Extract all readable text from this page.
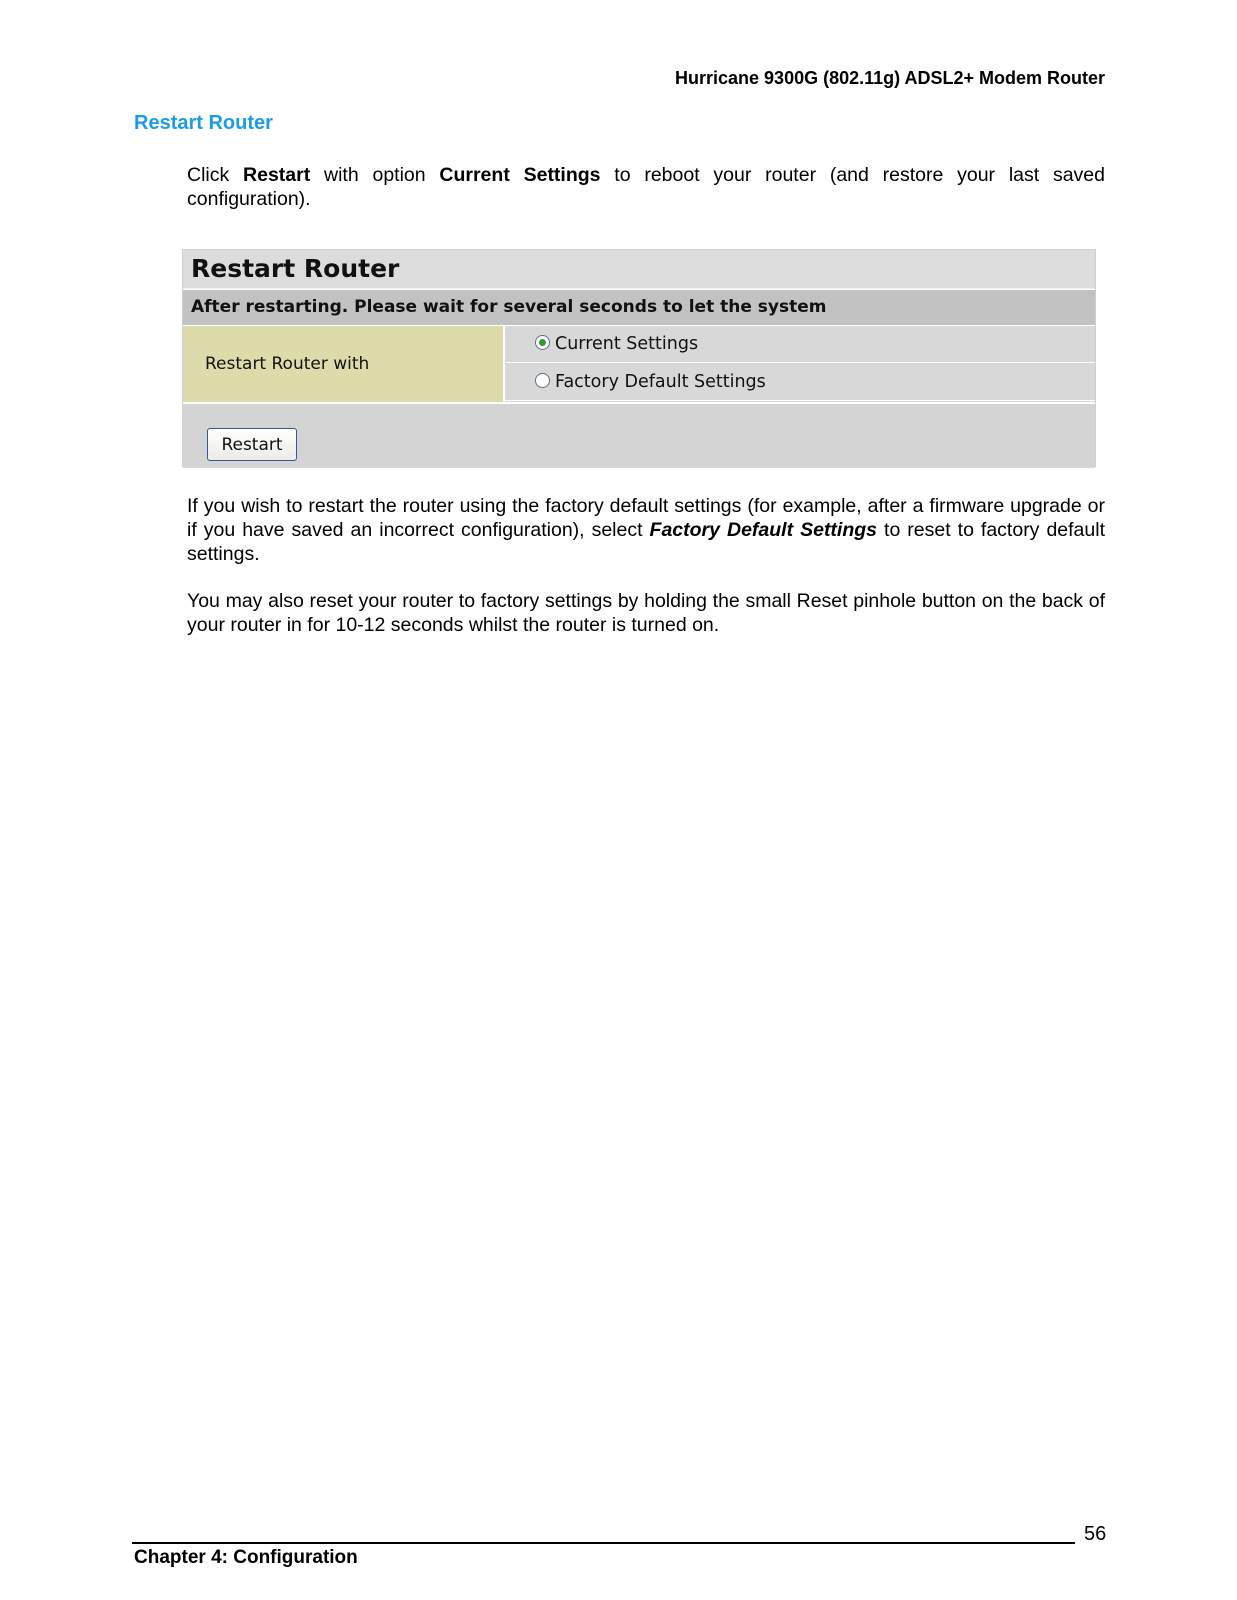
Hurricane 9300G (802.11g) ADSL2+ Modem Router
Restart Router
Click Restart with option Current Settings to reboot your router (and restore your last saved configuration).
Restart Router
After restarting. Please wait for several seconds to let the system
Restart Router with
Current Settings
Factory Default Settings
Restart
If you wish to restart the router using the factory default settings (for example, after a firmware upgrade or if you have saved an incorrect configuration), select Factory Default Settings to reset to factory default settings.
You may also reset your router to factory settings by holding the small Reset pinhole button on the back of your router in for 10-12 seconds whilst the router is turned on.
56
Chapter 4: Configuration
